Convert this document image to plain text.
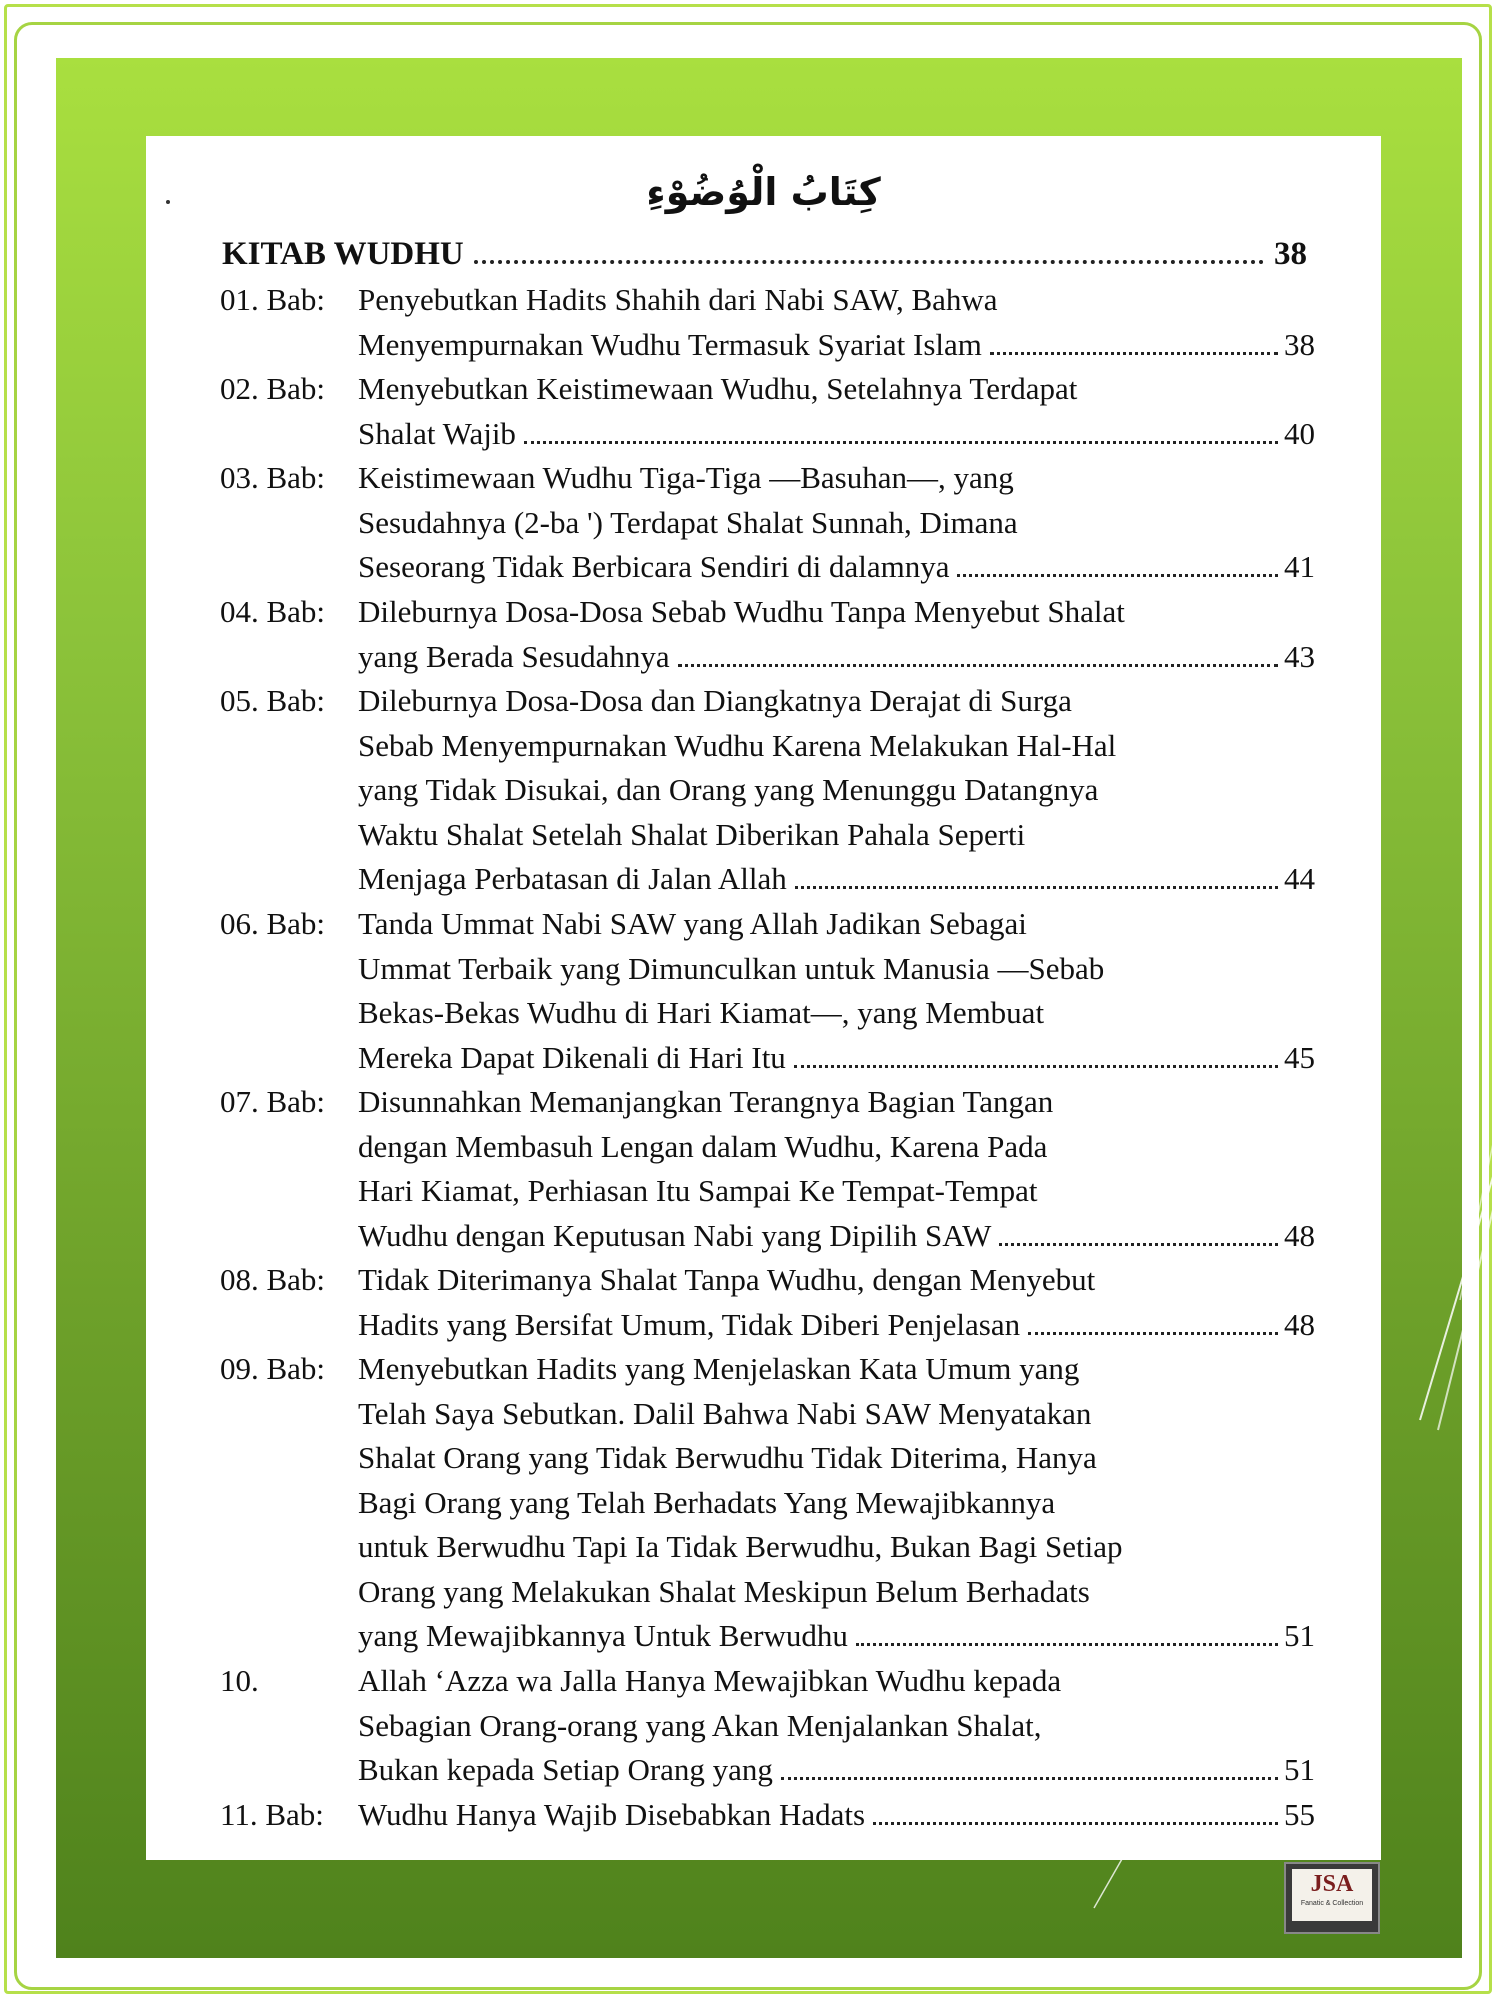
كِتَابُ الْوُضُوْءِ
KITAB WUDHU	38
01. Bab: Penyebutkan Hadits Shahih dari Nabi SAW, Bahwa
Menyempurnakan Wudhu Termasuk Syariat Islam	38
02. Bab: Menyebutkan Keistimewaan Wudhu, Setelahnya Terdapat
Shalat Wajib	40
03. Bab: Keistimewaan Wudhu Tiga-Tiga —Basuhan—, yang
Sesudahnya (2-ba ') Terdapat Shalat Sunnah, Dimana
Seseorang Tidak Berbicara Sendiri di dalamnya	41
04. Bab: Dileburnya Dosa-Dosa Sebab Wudhu Tanpa Menyebut Shalat
yang Berada Sesudahnya	43
05. Bab: Dileburnya Dosa-Dosa dan Diangkatnya Derajat di Surga
Sebab Menyempurnakan Wudhu Karena Melakukan Hal-Hal
yang Tidak Disukai, dan Orang yang Menunggu Datangnya
Waktu Shalat Setelah Shalat Diberikan Pahala Seperti
Menjaga Perbatasan di Jalan Allah	44
06. Bab: Tanda Ummat Nabi SAW yang Allah Jadikan Sebagai
Ummat Terbaik yang Dimunculkan untuk Manusia —Sebab
Bekas-Bekas Wudhu di Hari Kiamat—, yang Membuat
Mereka Dapat Dikenali di Hari Itu	45
07. Bab: Disunnahkan Memanjangkan Terangnya Bagian Tangan
dengan Membasuh Lengan dalam Wudhu, Karena Pada
Hari Kiamat, Perhiasan Itu Sampai Ke Tempat-Tempat
Wudhu dengan Keputusan Nabi yang Dipilih SAW	48
08. Bab: Tidak Diterimanya Shalat Tanpa Wudhu, dengan Menyebut
Hadits yang Bersifat Umum, Tidak Diberi Penjelasan	48
09. Bab: Menyebutkan Hadits yang Menjelaskan Kata Umum yang
Telah Saya Sebutkan. Dalil Bahwa Nabi SAW Menyatakan
Shalat Orang yang Tidak Berwudhu Tidak Diterima, Hanya
Bagi Orang yang Telah Berhadats Yang Mewajibkannya
untuk Berwudhu Tapi Ia Tidak Berwudhu, Bukan Bagi Setiap
Orang yang Melakukan Shalat Meskipun Belum Berhadats
yang Mewajibkannya Untuk Berwudhu	51
10.	Allah ‘Azza wa Jalla Hanya Mewajibkan Wudhu kepada
Sebagian Orang-orang yang Akan Menjalankan Shalat,
Bukan kepada Setiap Orang yang	51
11. Bab: Wudhu Hanya Wajib Disebabkan Hadats	55
JSA
Fanatic & Collection
